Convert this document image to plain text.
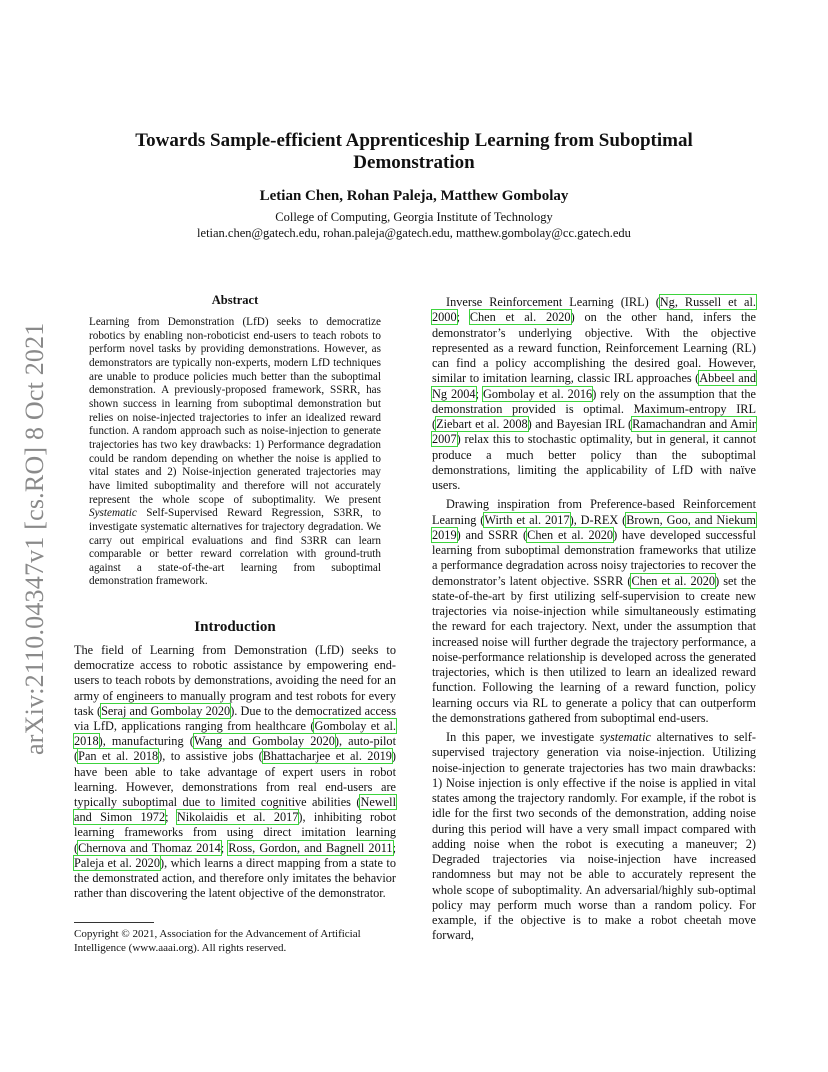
arXiv:2110.04347v1 [cs.RO] 8 Oct 2021
Towards Sample-efficient Apprenticeship Learning from Suboptimal Demonstration
Letian Chen, Rohan Paleja, Matthew Gombolay
College of Computing, Georgia Institute of Technology
letian.chen@gatech.edu, rohan.paleja@gatech.edu, matthew.gombolay@cc.gatech.edu
Abstract

Learning from Demonstration (LfD) seeks to democratize robotics by enabling non-roboticist end-users to teach robots to perform novel tasks by providing demonstrations. However, as demonstrators are typically non-experts, modern LfD techniques are unable to produce policies much better than the suboptimal demonstration. A previously-proposed framework, SSRR, has shown success in learning from suboptimal demonstration but relies on noise-injected trajectories to infer an idealized reward function. A random approach such as noise-injection to generate trajectories has two key drawbacks: 1) Performance degradation could be random depending on whether the noise is applied to vital states and 2) Noise-injection generated trajectories may have limited suboptimality and therefore will not accurately represent the whole scope of suboptimality. We present Systematic Self-Supervised Reward Regression, S3RR, to investigate systematic alternatives for trajectory degradation. We carry out empirical evaluations and find S3RR can learn comparable or better reward correlation with ground-truth against a state-of-the-art learning from suboptimal demonstration framework.

Introduction

The field of Learning from Demonstration (LfD) seeks to democratize access to robotic assistance by empowering end-users to teach robots by demonstrations, avoiding the need for an army of engineers to manually program and test robots for every task (Seraj and Gombolay 2020). Due to the democratized access via LfD, applications ranging from healthcare (Gombolay et al. 2018), manufacturing (Wang and Gombolay 2020), auto-pilot (Pan et al. 2018), to assistive jobs (Bhattacharjee et al. 2019) have been able to take advantage of expert users in robot learning. However, demonstrations from real end-users are typically suboptimal due to limited cognitive abilities (Newell and Simon 1972; Nikolaidis et al. 2017), inhibiting robot learning frameworks from using direct imitation learning (Chernova and Thomaz 2014; Ross, Gordon, and Bagnell 2011; Paleja et al. 2020), which learns a direct mapping from a state to the demonstrated action, and therefore only imitates the behavior rather than discovering the latent objective of the demonstrator.

Copyright © 2021, Association for the Advancement of Artificial Intelligence (www.aaai.org). All rights reserved.

Inverse Reinforcement Learning (IRL) (Ng, Russell et al. 2000; Chen et al. 2020) on the other hand, infers the demonstrator’s underlying objective. With the objective represented as a reward function, Reinforcement Learning (RL) can find a policy accomplishing the desired goal. However, similar to imitation learning, classic IRL approaches (Abbeel and Ng 2004; Gombolay et al. 2016) rely on the assumption that the demonstration provided is optimal. Maximum-entropy IRL (Ziebart et al. 2008) and Bayesian IRL (Ramachandran and Amir 2007) relax this to stochastic optimality, but in general, it cannot produce a much better policy than the suboptimal demonstrations, limiting the applicability of LfD with naïve users.

Drawing inspiration from Preference-based Reinforcement Learning (Wirth et al. 2017), D-REX (Brown, Goo, and Niekum 2019) and SSRR (Chen et al. 2020) have developed successful learning from suboptimal demonstration frameworks that utilize a performance degradation across noisy trajectories to recover the demonstrator’s latent objective. SSRR (Chen et al. 2020) set the state-of-the-art by first utilizing self-supervision to create new trajectories via noise-injection while simultaneously estimating the reward for each trajectory. Next, under the assumption that increased noise will further degrade the trajectory performance, a noise-performance relationship is developed across the generated trajectories, which is then utilized to learn an idealized reward function. Following the learning of a reward function, policy learning occurs via RL to generate a policy that can outperform the demonstrations gathered from suboptimal end-users.

In this paper, we investigate systematic alternatives to self-supervised trajectory generation via noise-injection. Utilizing noise-injection to generate trajectories has two main drawbacks: 1) Noise injection is only effective if the noise is applied in vital states among the trajectory randomly. For example, if the robot is idle for the first two seconds of the demonstration, adding noise during this period will have a very small impact compared with adding noise when the robot is executing a maneuver; 2) Degraded trajectories via noise-injection have increased randomness but may not be able to accurately represent the whole scope of suboptimality. An adversarial/highly sub-optimal policy may perform much worse than a random policy. For example, if the objective is to make a robot cheetah move forward,
